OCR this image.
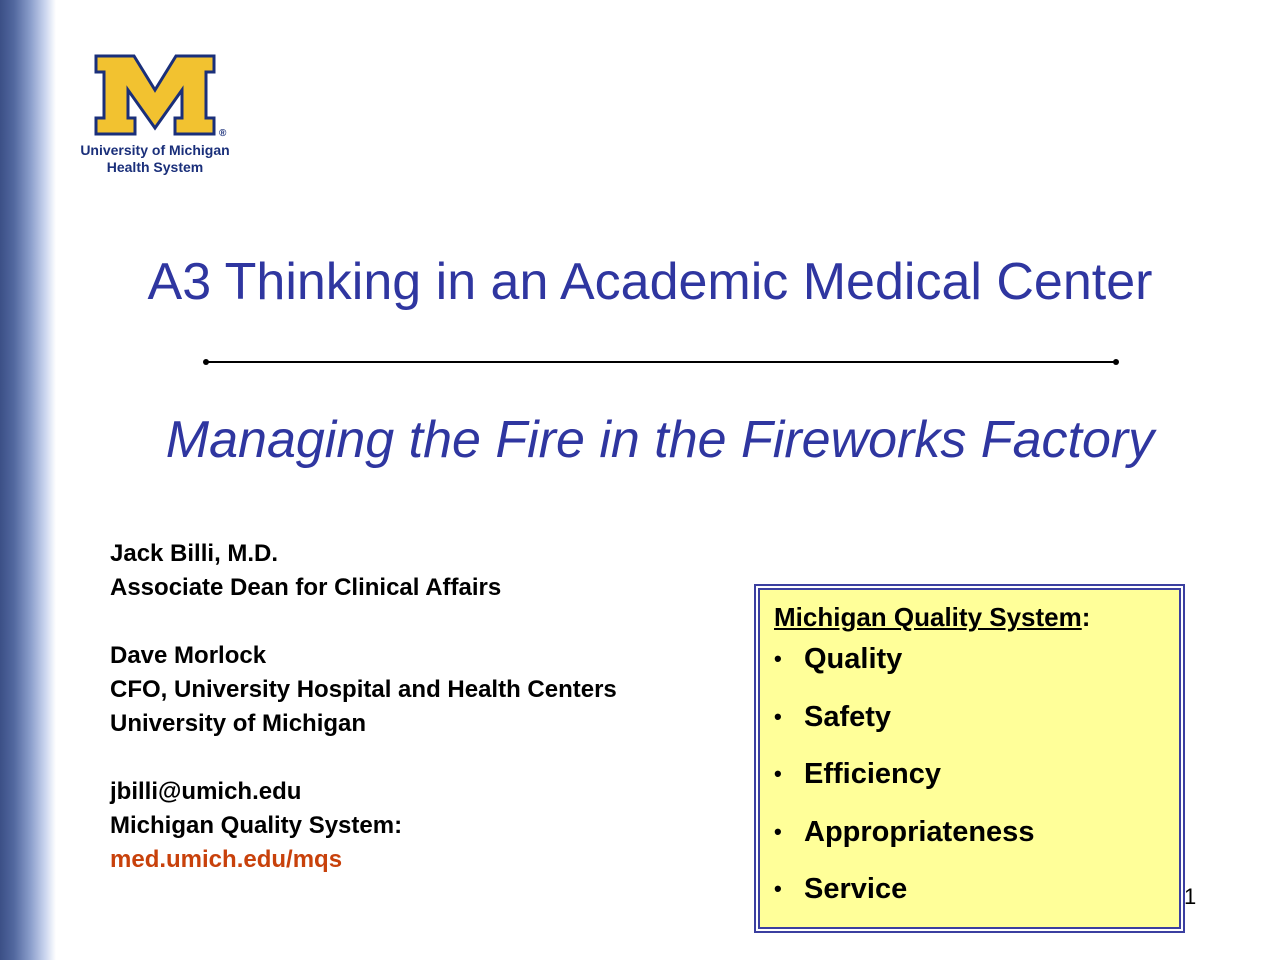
®
University of Michigan
Health System
A3 Thinking in an Academic Medical Center
Managing the Fire in the Fireworks Factory
Jack Billi, M.D.
Associate Dean for Clinical Affairs
Dave Morlock
CFO, University Hospital and Health Centers
University of Michigan
jbilli@umich.edu
Michigan Quality System:
med.umich.edu/mqs
Michigan Quality System:
• Quality
• Safety
• Efficiency
• Appropriateness
• Service	1
